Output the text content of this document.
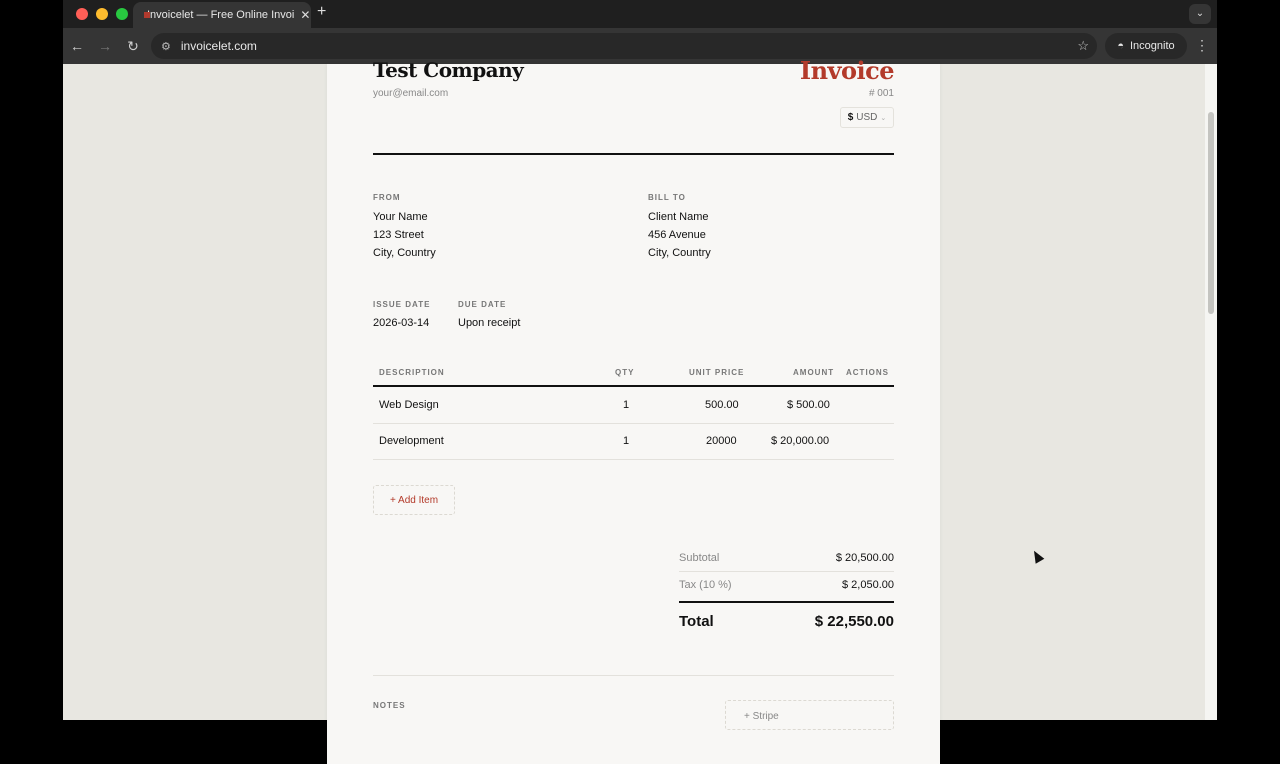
Invoicelet — Free Online Invoi ✕ +	⌄
←	→	↻	⚙ invoicelet.com	☆	◓ Incognito ⋮
Test Company
your@email.com
Invoice
# 001
$ USD ⌄
FROM
Your Name
123 Street
City, Country
BILL TO
Client Name
456 Avenue
City, Country
ISSUE DATE
2026-03-14
DUE DATE
Upon receipt
DESCRIPTION	QTY	UNIT PRICE	AMOUNT ACTIONS
Web Design	1	500.00	$ 500.00
Development	1	20000	$ 20,000.00
+ Add Item
Subtotal	$ 20,500.00
Tax (10 %)	$ 2,050.00
Total	$ 22,550.00
NOTES
+ Stripe
